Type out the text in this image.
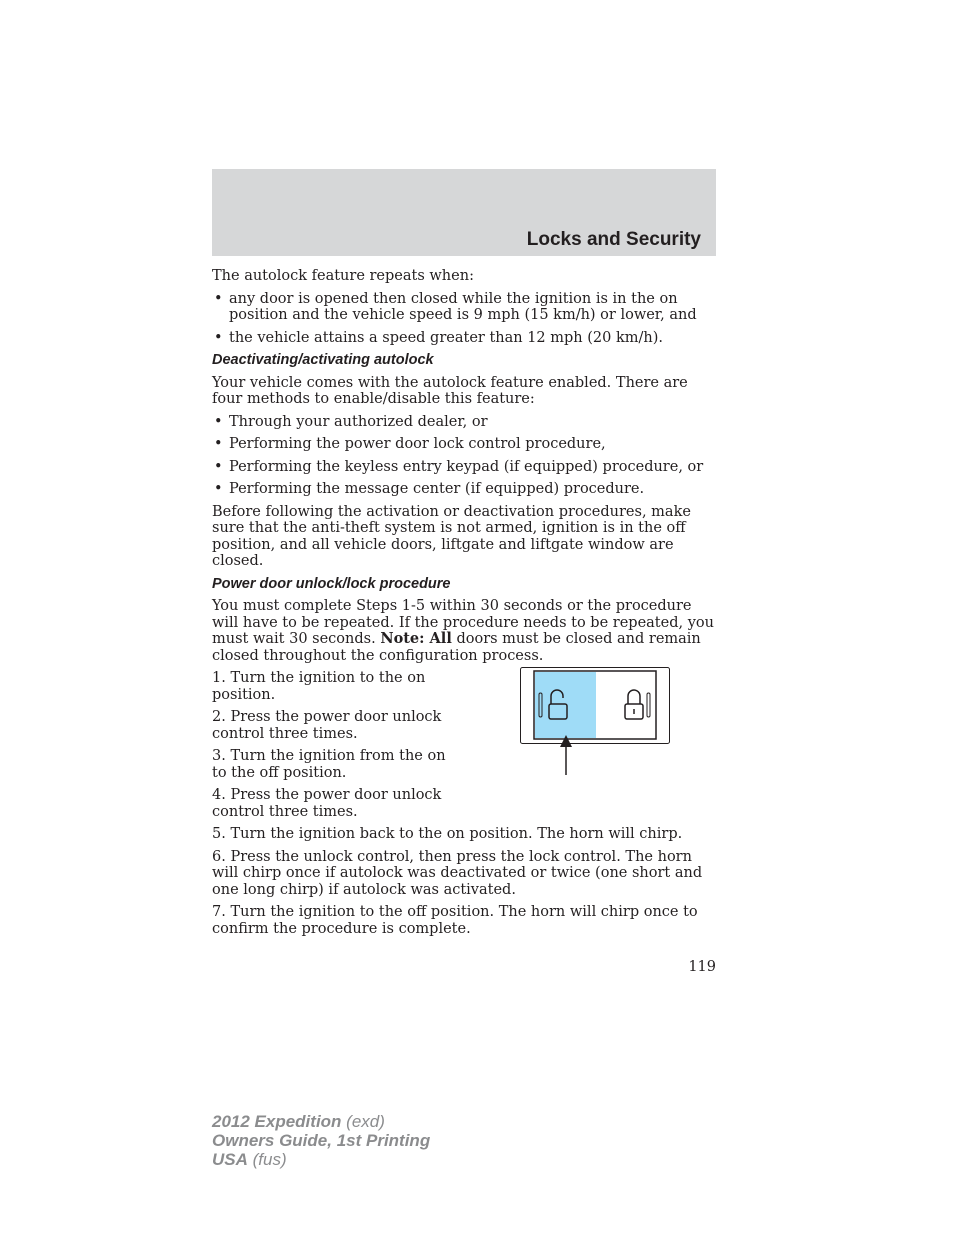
Locks and Security

The autolock feature repeats when:

• any door is opened then closed while the ignition is in the on position and the vehicle speed is 9 mph (15 km/h) or lower, and
• the vehicle attains a speed greater than 12 mph (20 km/h).
Deactivating/activating autolock

Your vehicle comes with the autolock feature enabled. There are four methods to enable/disable this feature:

• Through your authorized dealer, or
• Performing the power door lock control procedure,
• Performing the keyless entry keypad (if equipped) procedure, or
• Performing the message center (if equipped) procedure.

Before following the activation or deactivation procedures, make sure that the anti-theft system is not armed, ignition is in the off position, and all vehicle doors, liftgate and liftgate window are closed.

Power door unlock/lock procedure

You must complete Steps 1-5 within 30 seconds or the procedure will have to be repeated. If the procedure needs to be repeated, you must wait 30 seconds. Note: All doors must be closed and remain closed throughout the configuration process.

1. Turn the ignition to the on position.

2. Press the power door unlock control three times.

3. Turn the ignition from the on to the off position.

4. Press the power door unlock control three times.

5. Turn the ignition back to the on position. The horn will chirp.

6. Press the unlock control, then press the lock control. The horn will chirp once if autolock was deactivated or twice (one short and one long chirp) if autolock was activated.

7. Turn the ignition to the off position. The horn will chirp once to confirm the procedure is complete.

119
2012 Expedition (exd)
Owners Guide, 1st Printing
USA (fus)
